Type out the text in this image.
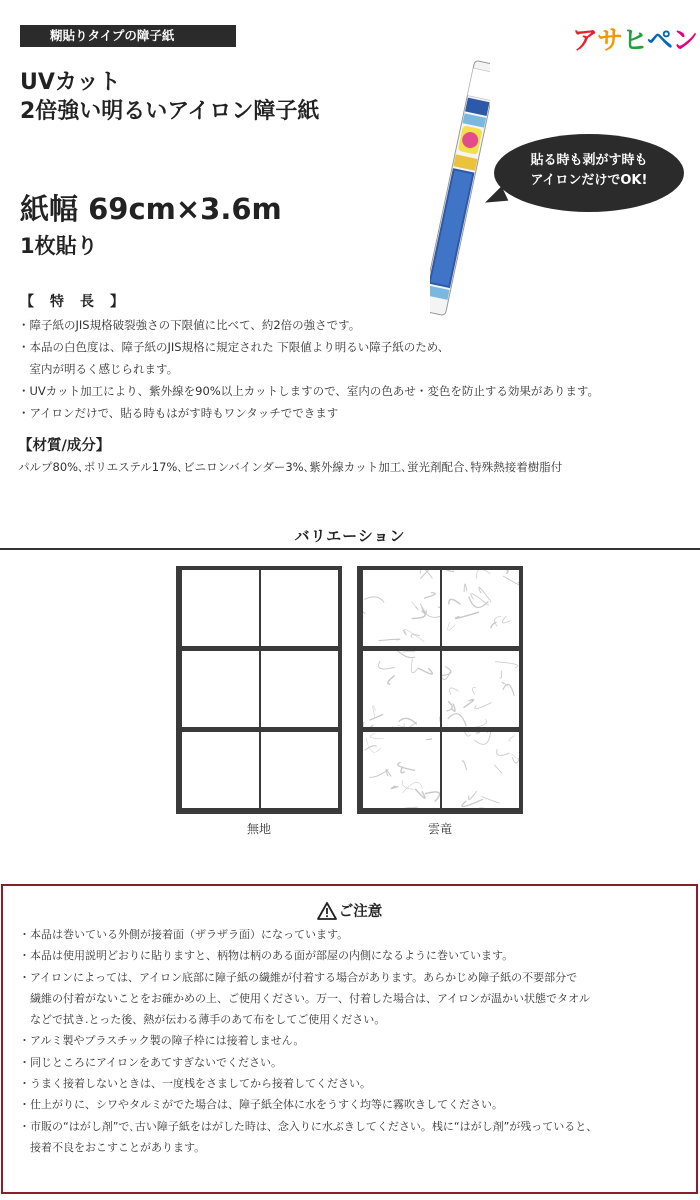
糊貼りタイプの障子紙	アサヒペン
UVカット
2倍強い明るいアイロン障子紙
紙幅 69cm×3.6m
1枚貼り
貼る時も剥がす時も
アイロンだけでOK!
【　特　長　】
・障子紙のJIS規格破裂強さの下限値に比べて、約2倍の強さです。
・本品の白色度は、障子紙のJIS規格に規定された 下限値より明るい障子紙のため、
　室内が明るく感じられます。
・UVカット加工により、紫外線を90%以上カットしますので、室内の色あせ・変色を防止する効果があります。
・アイロンだけで、貼る時もはがす時もワンタッチでできます
【材質/成分】
パルプ80%､ポリエステル17%､ビニロンバインダー3%､紫外線カット加工､蛍光剤配合､特殊熱接着樹脂付
バリエーション
無地	雲竜
ご注意
・本品は巻いている外側が接着面（ザラザラ面）になっています。
・本品は使用説明どおりに貼りますと、柄物は柄のある面が部屋の内側になるように巻いています。
・アイロンによっては、アイロン底部に障子紙の繊維が付着する場合があります。あらかじめ障子紙の不要部分で
　繊維の付着がないことをお確かめの上、ご使用ください。万一、付着した場合は、アイロンが温かい状態でタオル
　などで拭き.とった後、熱が伝わる薄手のあて布をしてご使用ください。
・アルミ製やプラスチック製の障子枠には接着しません。
・同じところにアイロンをあてすぎないでください。
・うまく接着しないときは、一度桟をさましてから接着してください。
・仕上がりに、シワやタルミがでた場合は、障子紙全体に水をうすく均等に霧吹きしてください。
・市販の“はがし剤”で､古い障子紙をはがした時は、念入りに水ぶきしてください。桟に“はがし剤”が残っていると、
　接着不良をおこすことがあります。
